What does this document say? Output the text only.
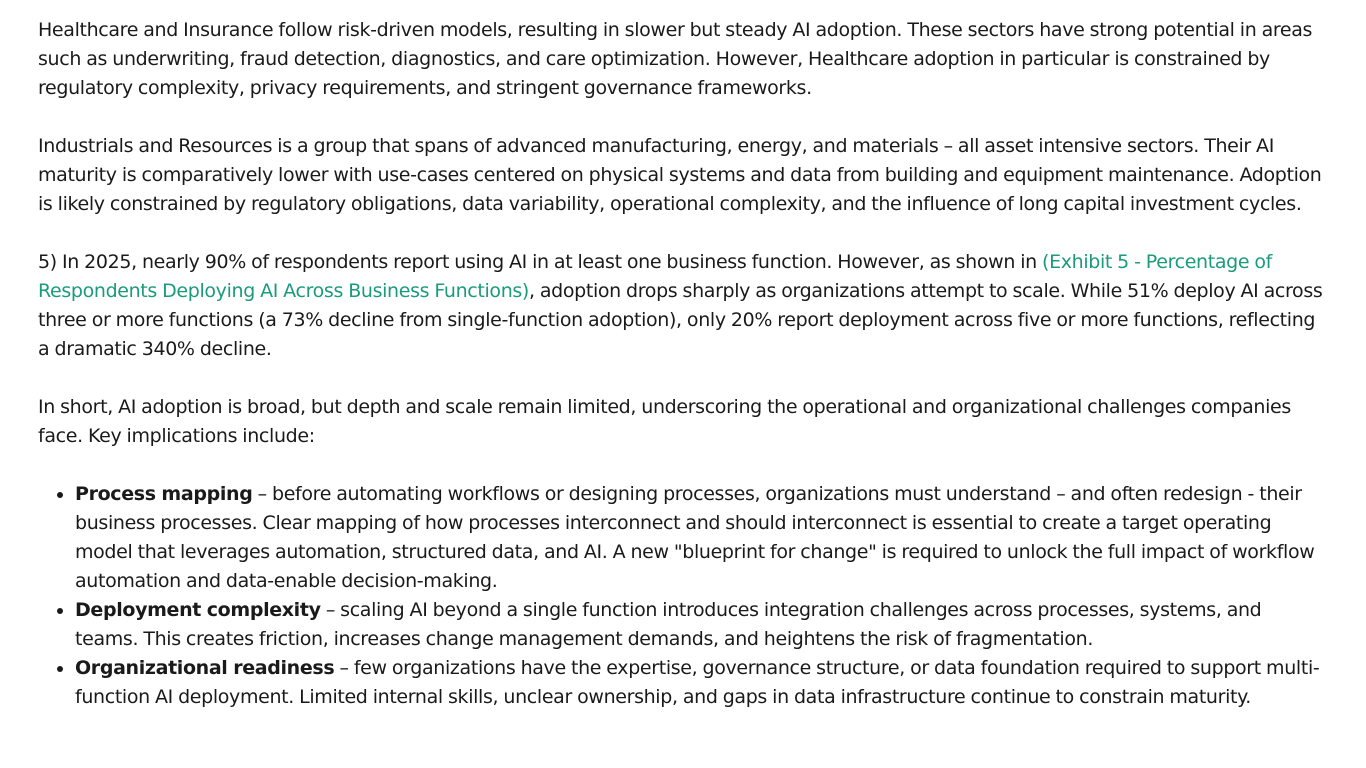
Healthcare and Insurance follow risk-driven models, resulting in slower but steady AI adoption. These sectors have strong potential in areas such as underwriting, fraud detection, diagnostics, and care optimization. However, Healthcare adoption in particular is constrained by regulatory complexity, privacy requirements, and stringent governance frameworks.

Industrials and Resources is a group that spans of advanced manufacturing, energy, and materials – all asset intensive sectors. Their AI maturity is comparatively lower with use-cases centered on physical systems and data from building and equipment maintenance. Adoption is likely constrained by regulatory obligations, data variability, operational complexity, and the influence of long capital investment cycles.

5) In 2025, nearly 90% of respondents report using AI in at least one business function. However, as shown in (Exhibit 5 - Percentage of Respondents Deploying AI Across Business Functions), adoption drops sharply as organizations attempt to scale. While 51% deploy AI across three or more functions (a 73% decline from single-function adoption), only 20% report deployment across five or more functions, reflecting a dramatic 340% decline.

In short, AI adoption is broad, but depth and scale remain limited, underscoring the operational and organizational challenges companies face. Key implications include:

• Process mapping – before automating workflows or designing processes, organizations must understand – and often redesign - their business processes. Clear mapping of how processes interconnect and should interconnect is essential to create a target operating model that leverages automation, structured data, and AI. A new "blueprint for change" is required to unlock the full impact of workflow automation and data-enable decision-making.
• Deployment complexity – scaling AI beyond a single function introduces integration challenges across processes, systems, and teams. This creates friction, increases change management demands, and heightens the risk of fragmentation.
• Organizational readiness – few organizations have the expertise, governance structure, or data foundation required to support multi-function AI deployment. Limited internal skills, unclear ownership, and gaps in data infrastructure continue to constrain maturity.
